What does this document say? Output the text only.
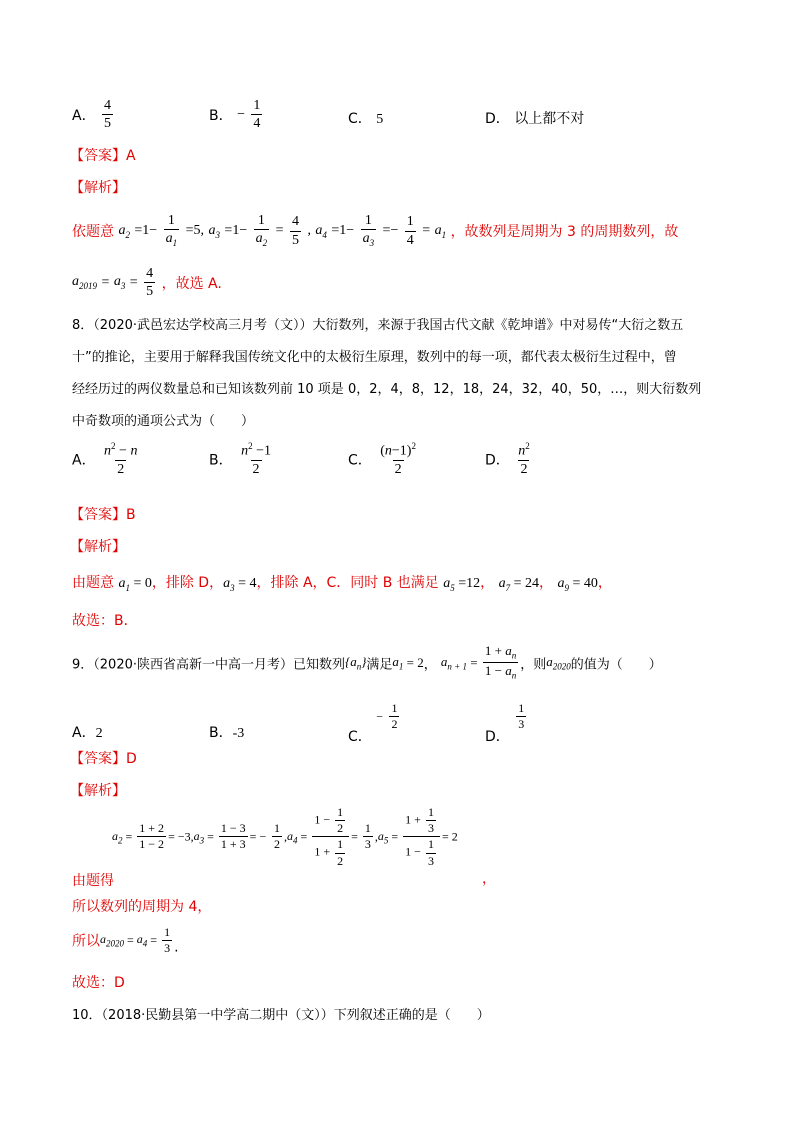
A． $\frac{4}{5}$	B． − $\frac{1}{4}$	C． 5	D． 以上都不对
【答案】A
【解析】
依题意 $a_2 =1- \frac{1}{a_1} =5$, $a_3 =1- \frac{1}{a_2} = \frac{4}{5}$ , $a_4 =1- \frac{1}{a_3} =- \frac{1}{4} = a_1$ ，故数列是周期为 3 的周期数列，故
$a_{2019} = a_3 = \frac{4}{5}$ ，故选 A.
8．（2020·武邑宏达学校高三月考（文））大衍数列，来源于我国古代文献《乾坤谱》中对易传“大衍之数五
十”的推论，主要用于解释我国传统文化中的太极衍生原理，数列中的每一项，都代表太极衍生过程中，曾
经经历过的两仪数量总和已知该数列前 10 项是 0，2，4，8，12，18，24，32，40，50，…，则大衍数列
中奇数项的通项公式为（　　）
A． $\frac{n^2 - n}{2}$	B． $\frac{n^2 -1}{2}$	C． $\frac{(n-1)^2}{2}$	D． $\frac{n^2}{2}$
【答案】B
【解析】
由题意 $a_1 = 0$，排除 D，$a_3 = 4$，排除 A，C．同时 B 也满足 $a_5 =12$， $a_7 = 24$， $a_9 = 40$，
故选：B．
9．（2020·陕西省高新一中高一月考）已知数列$\{a_n\}$满足$a_1 = 2$， $a_{n + 1} = \frac{1 + a_n}{1 - a_n}$ ，则$a_{2020}$的值为（　　）
A．2	B．-3	C． − $\frac{1}{2}$
D．
$\frac{1}{3}$
【答案】D
【解析】
$a_2 = \frac{1 + 2}{1 - 2} = -3,a_3 = \frac{1 - 3}{1 + 3}$ = − $\frac{1}{2} ,a_4 = \frac{1 - \frac{1}{2}}{1 + \frac{1}{2}} = \frac{1}{3} ,a_5 = \frac{1 + \frac{1}{3}}{1 - \frac{1}{3}} = 2$
由题得	，
所以数列的周期为 4，
所以$a_{2020} = a_4 = \frac{1}{3}$ .
故选：D
10．（2018·民勤县第一中学高二期中（文））下列叙述正确的是（　　）
